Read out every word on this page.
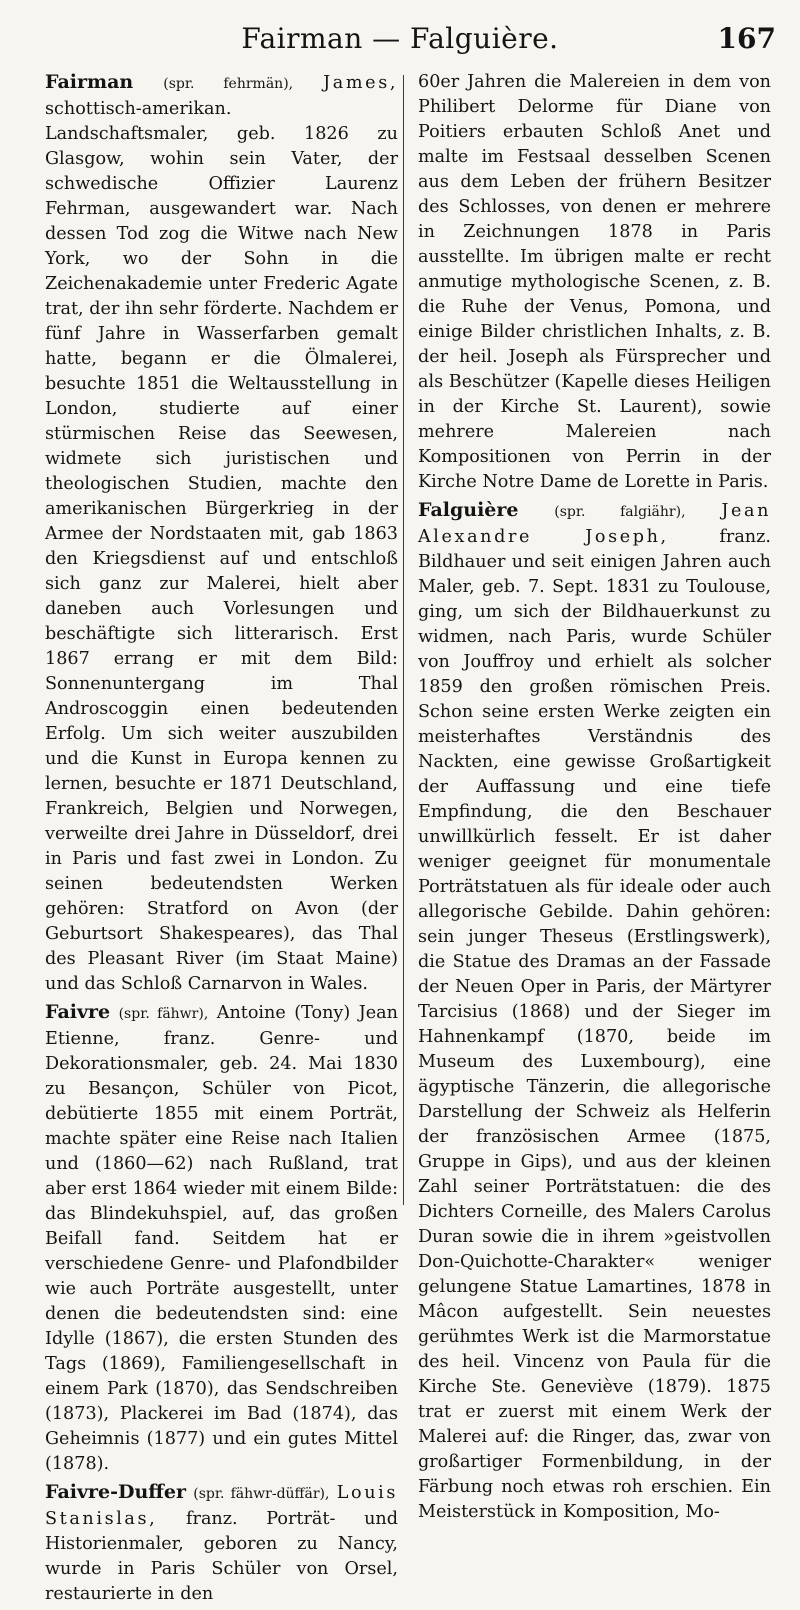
Fairman — Falguière.	167

Fairman (spr. fehrmän), James, schottisch-amerikan. Landschaftsmaler, geb. 1826 zu Glasgow, wohin sein Vater, der schwedische Offizier Laurenz Fehrman, ausgewandert war. Nach dessen Tod zog die Witwe nach New York, wo der Sohn in die Zeichenakademie unter Frederic Agate trat, der ihn sehr förderte. Nachdem er fünf Jahre in Wasserfarben gemalt hatte, begann er die Ölmalerei, besuchte 1851 die Weltausstellung in London, studierte auf einer stürmischen Reise das Seewesen, widmete sich juristischen und theologischen Studien, machte den amerikanischen Bürgerkrieg in der Armee der Nordstaaten mit, gab 1863 den Kriegsdienst auf und entschloß sich ganz zur Malerei, hielt aber daneben auch Vorlesungen und beschäftigte sich litterarisch. Erst 1867 errang er mit dem Bild: Sonnenuntergang im Thal Androscoggin einen bedeutenden Erfolg. Um sich weiter auszubilden und die Kunst in Europa kennen zu lernen, besuchte er 1871 Deutschland, Frankreich, Belgien und Norwegen, verweilte drei Jahre in Düsseldorf, drei in Paris und fast zwei in London. Zu seinen bedeutendsten Werken gehören: Stratford on Avon (der Geburtsort Shakespeares), das Thal des Pleasant River (im Staat Maine) und das Schloß Carnarvon in Wales.

Faivre (spr. fähwr), Antoine (Tony) Jean Etienne, franz. Genre- und Dekorationsmaler, geb. 24. Mai 1830 zu Besançon, Schüler von Picot, debütierte 1855 mit einem Porträt, machte später eine Reise nach Italien und (1860—62) nach Rußland, trat aber erst 1864 wieder mit einem Bilde: das Blindekuhspiel, auf, das großen Beifall fand. Seitdem hat er verschiedene Genre- und Plafondbilder wie auch Porträte ausgestellt, unter denen die bedeutendsten sind: eine Idylle (1867), die ersten Stunden des Tags (1869), Familiengesellschaft in einem Park (1870), das Sendschreiben (1873), Plackerei im Bad (1874), das Geheimnis (1877) und ein gutes Mittel (1878).

Faivre-Duffer (spr. fähwr-düffär), Louis Stanislas, franz. Porträt- und Historienmaler, geboren zu Nancy, wurde in Paris Schüler von Orsel, restaurierte in den

60er Jahren die Malereien in dem von Philibert Delorme für Diane von Poitiers erbauten Schloß Anet und malte im Festsaal desselben Scenen aus dem Leben der frühern Besitzer des Schlosses, von denen er mehrere in Zeichnungen 1878 in Paris ausstellte. Im übrigen malte er recht anmutige mythologische Scenen, z. B. die Ruhe der Venus, Pomona, und einige Bilder christlichen Inhalts, z. B. der heil. Joseph als Fürsprecher und als Beschützer (Kapelle dieses Heiligen in der Kirche St. Laurent), sowie mehrere Malereien nach Kompositionen von Perrin in der Kirche Notre Dame de Lorette in Paris.

Falguière	(spr. falgiähr), Jean Alexandre Joseph,	franz. Bildhauer und seit einigen Jahren auch Maler, geb. 7. Sept. 1831 zu Toulouse, ging, um sich der Bildhauerkunst zu widmen, nach Paris, wurde Schüler von Jouffroy und erhielt als solcher 1859 den großen römischen Preis. Schon seine ersten Werke zeigten ein meisterhaftes Verständnis des Nackten, eine gewisse Großartigkeit der Auffassung und eine tiefe Empfindung, die den Beschauer unwillkürlich fesselt. Er ist daher weniger geeignet für monumentale Porträtstatuen als für ideale oder auch allegorische Gebilde. Dahin gehören: sein junger Theseus (Erstlingswerk), die Statue des Dramas an der Fassade der Neuen Oper in Paris, der Märtyrer Tarcisius (1868) und der Sieger im Hahnenkampf (1870, beide im Museum des Luxembourg), eine ägyptische Tänzerin, die allegorische Darstellung der Schweiz als Helferin der französischen Armee (1875, Gruppe in Gips), und aus der kleinen Zahl seiner Porträtstatuen: die des Dichters Corneille, des Malers Carolus Duran sowie die in ihrem »geistvollen Don-Quichotte-Charakter« weniger gelungene Statue Lamartines, 1878 in Mâcon aufgestellt. Sein neuestes gerühmtes Werk ist die Marmorstatue des heil. Vincenz von Paula für die Kirche Ste. Geneviève (1879). 1875 trat er zuerst mit einem Werk der Malerei auf: die Ringer, das, zwar von großartiger Formenbildung, in der Färbung noch etwas roh erschien. Ein Meisterstück in Komposition, Mo-
